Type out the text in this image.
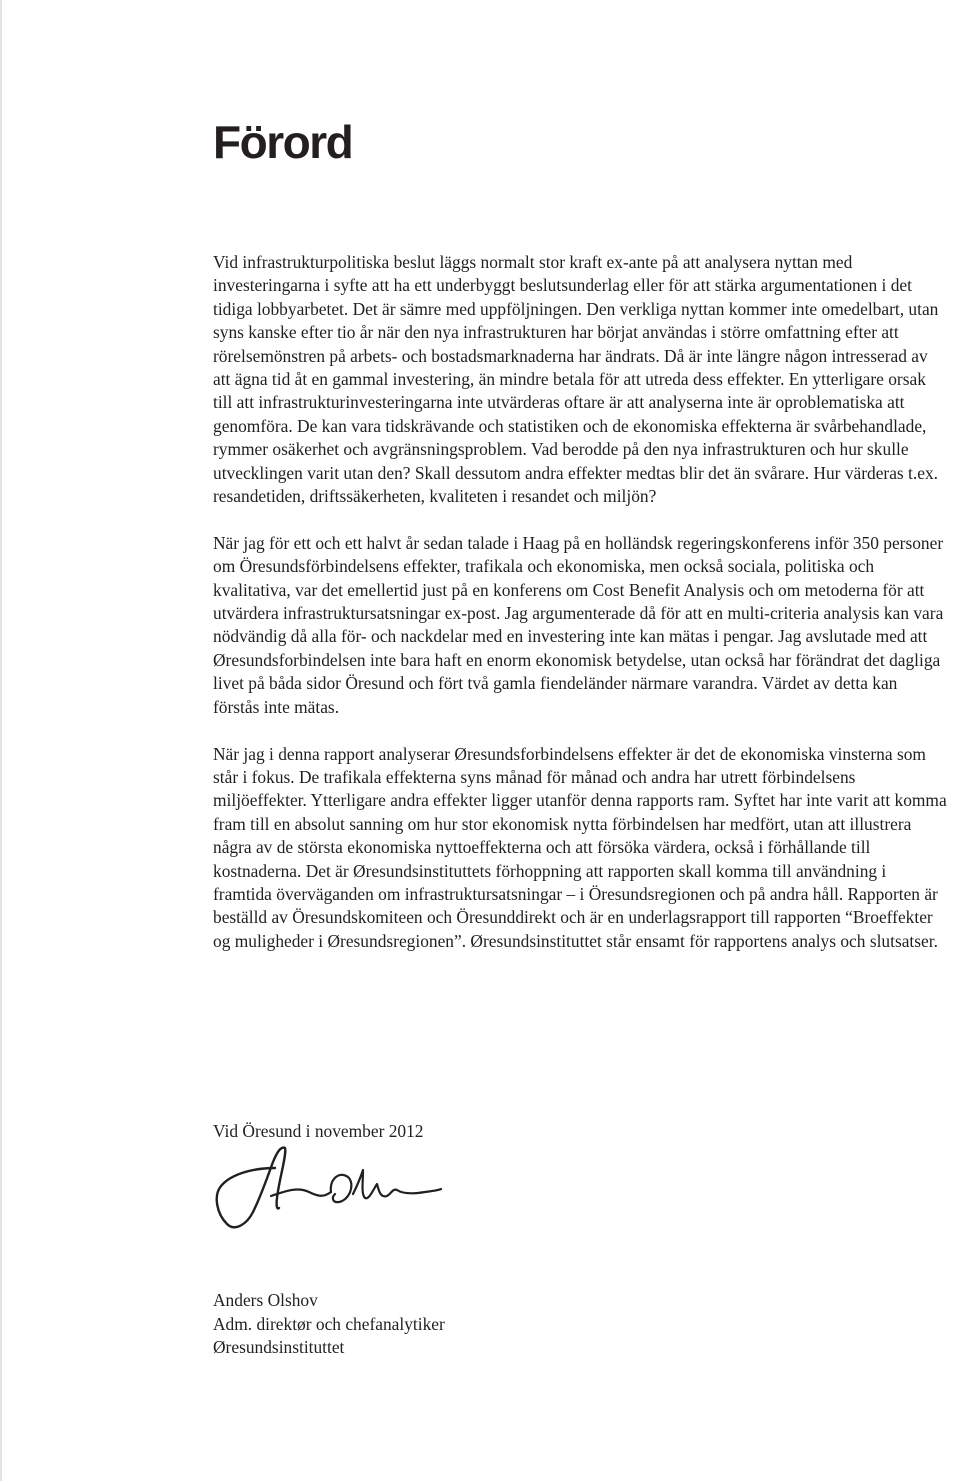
Förord

Vid infrastrukturpolitiska beslut läggs normalt stor kraft ex-ante på att analysera nyttan med investeringarna i syfte att ha ett underbyggt beslutsunderlag eller för att stärka argumentationen i det tidiga lobbyarbetet. Det är sämre med uppföljningen. Den verkliga nyttan kommer inte omedelbart, utan syns kanske efter tio år när den nya infrastrukturen har börjat användas i större omfattning efter att rörelsemönstren på arbets- och bostadsmarknaderna har ändrats. Då är inte längre någon intresserad av att ägna tid åt en gammal investering, än mindre betala för att utreda dess effekter. En ytterligare orsak till att infrastrukturinvesteringarna inte utvärderas oftare är att analyserna inte är oproblematiska att genomföra. De kan vara tidskrävande och statistiken och de ekonomiska effekterna är svårbehandlade, rymmer osäkerhet och avgränsningsproblem. Vad berodde på den nya infrastrukturen och hur skulle utvecklingen varit utan den? Skall dessutom andra effekter medtas blir det än svårare. Hur värderas t.ex. resandetiden, driftssäkerheten, kvaliteten i resandet och miljön?

När jag för ett och ett halvt år sedan talade i Haag på en holländsk regeringskonferens inför 350 personer om Öresundsförbindelsens effekter, trafikala och ekonomiska, men också sociala, politiska och kvalitativa, var det emellertid just på en konferens om Cost Benefit Analysis och om metoderna för att utvärdera infrastruktursatsningar ex-post. Jag argumenterade då för att en multi-criteria analysis kan vara nödvändig då alla för- och nackdelar med en investering inte kan mätas i pengar. Jag avslutade med att Øresundsforbindelsen inte bara haft en enorm ekonomisk betydelse, utan också har förändrat det dagliga livet på båda sidor Öresund och fört två gamla fiendeländer närmare varandra. Värdet av detta kan förstås inte mätas.

När jag i denna rapport analyserar Øresundsforbindelsens effekter är det de ekonomiska vinsterna som står i fokus. De trafikala effekterna syns månad för månad och andra har utrett förbindelsens miljöeffekter. Ytterligare andra effekter ligger utanför denna rapports ram. Syftet har inte varit att komma fram till en absolut sanning om hur stor ekonomisk nytta förbindelsen har medfört, utan att illustrera några av de största ekonomiska nyttoeffekterna och att försöka värdera, också i förhållande till kostnaderna. Det är Øresundsinstituttets förhoppning att rapporten skall komma till användning i framtida överväganden om infrastruktursatsningar – i Öresundsregionen och på andra håll. Rapporten är beställd av Öresundskomiteen och Öresunddirekt och är en underlagsrapport till rapporten “Broeffekter og muligheder i Øresundsregionen”. Øresundsinstituttet står ensamt för rapportens analys och slutsatser.

Vid Öresund i november 2012
Anders Olshov
Adm. direktør och chefanalytiker
Øresundsinstituttet
